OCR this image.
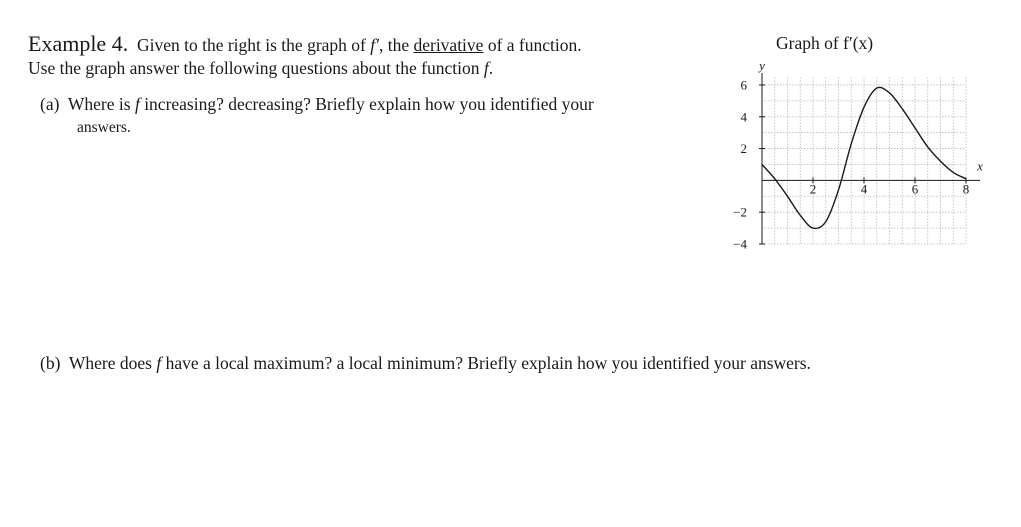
Example 4. Given to the right is the graph of f′, the derivative of a function.
Use the graph answer the following questions about the function f.
(a) Where is f increasing? decreasing? Briefly explain how you identified your
answers.
(b) Where does f have a local maximum? a local minimum? Briefly explain how you identified your answers.
Graph of f′(x)
2	4	6	8
−4
−2
2
4
6
y
x
